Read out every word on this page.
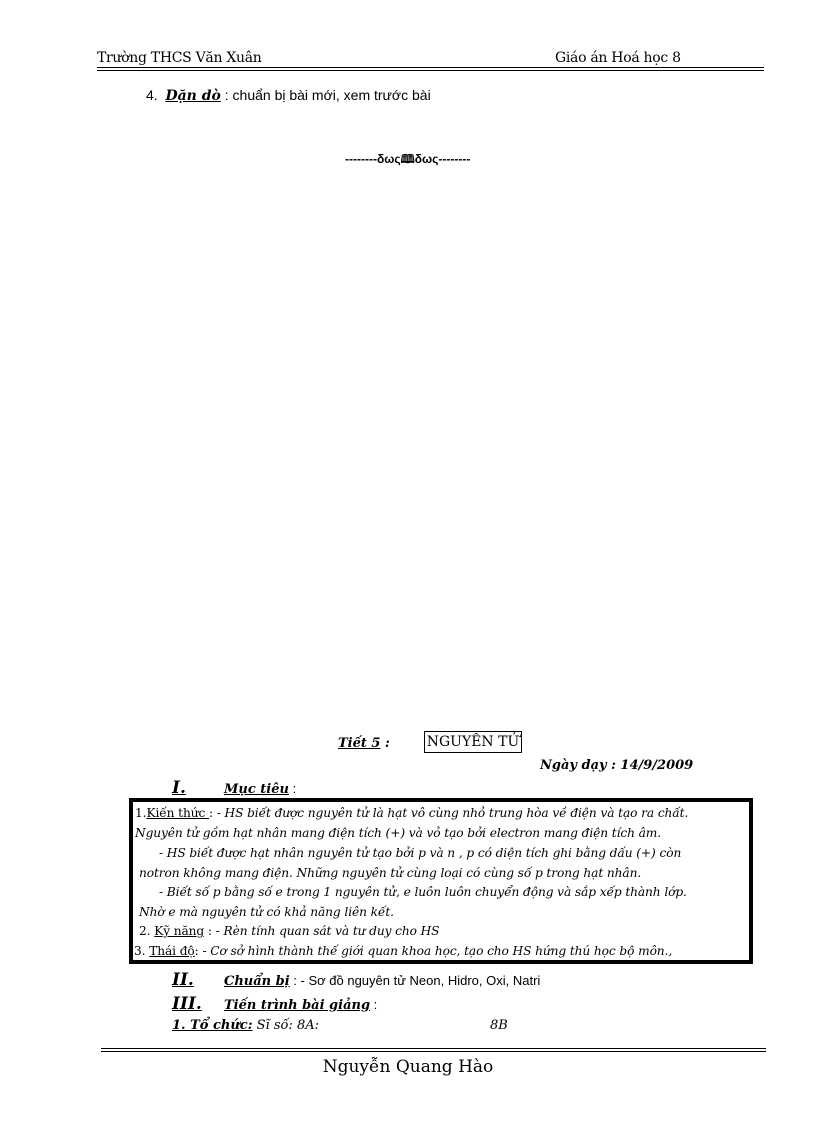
Trường THCS Văn Xuân	Giáo án Hoá học 8
4. Dặn dò : chuẩn bị bài mới, xem trước bài
--------δως🕮δως--------
Tiết 5 :	NGUYÊN TỬ
Ngày dạy : 14/9/2009
I.	Mục tiêu :
1.Kiến thức : - HS biết được nguyên tử là hạt vô cùng nhỏ trung hòa về điện và tạo ra chất.
Nguyên tử gồm hạt nhân mang điện tích (+) và vỏ tạo bởi electron mang điện tích âm.
- HS biết được hạt nhân nguyên tử tạo bởi p và n , p có diện tích ghi bằng dấu (+) còn
notron không mang điện. Những nguyên tử cùng loại có cùng số p trong hạt nhân.
- Biết số p bằng số e trong 1 nguyên tử, e luôn luôn chuyển động và sắp xếp thành lớp.
Nhờ e mà nguyên tử có khả năng liên kết.
2. Kỹ năng : - Rèn tính quan sát và tư duy cho HS
3. Thái độ: - Cơ sở hình thành thế giới quan khoa học, tạo cho HS hứng thú học bộ môn.,
II. Chuẩn bị : - Sơ đồ nguyên tử Neon, Hidro, Oxi, Natri
III. Tiến trình bài giảng :
1. Tổ chức: Sĩ số: 8A:	8B
Nguyễn Quang Hào
